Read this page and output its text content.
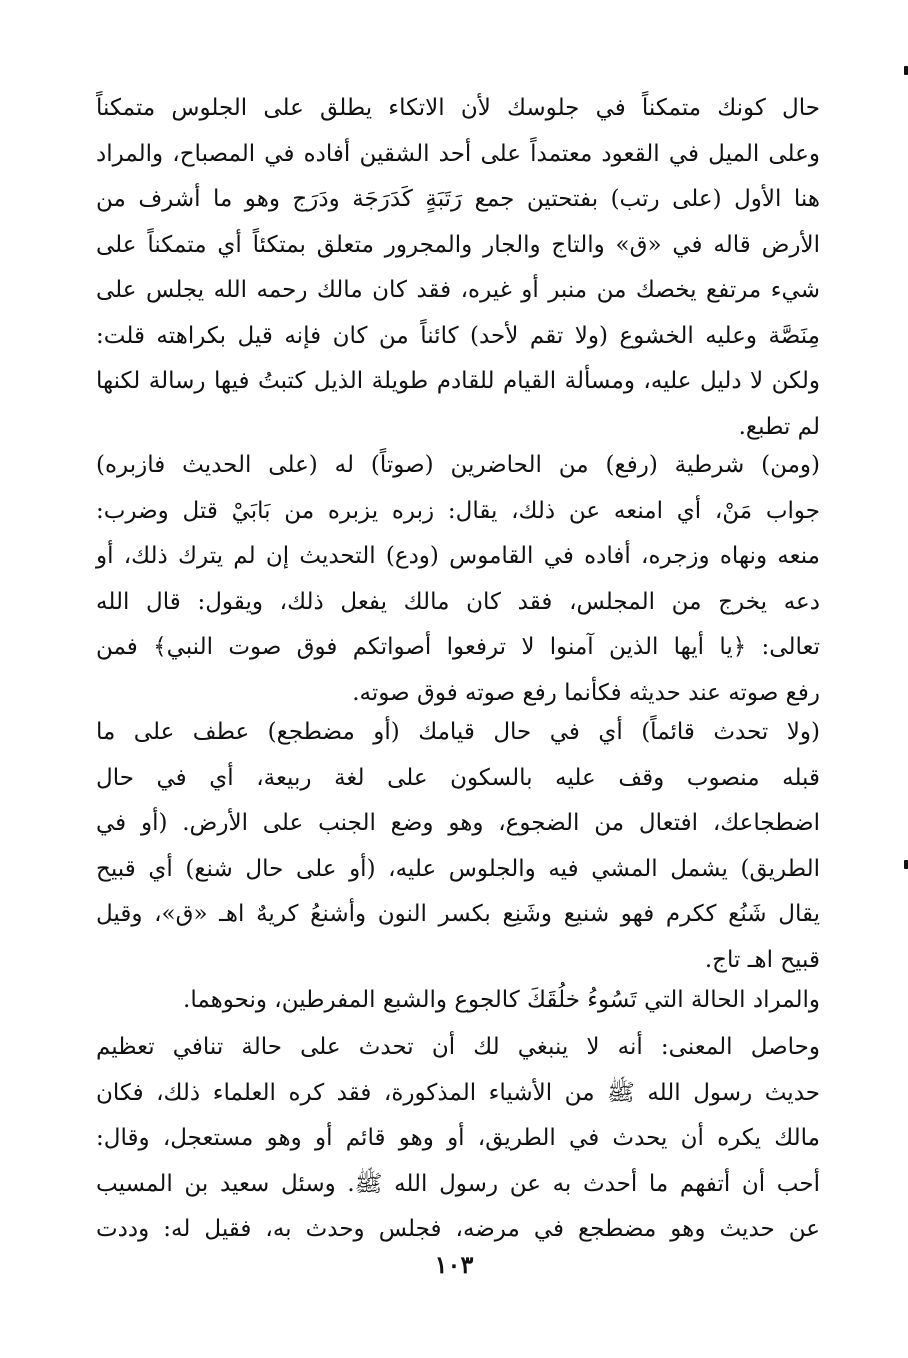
حال كونك متمكناً في جلوسك لأن الاتكاء يطلق على الجلوس متمكناً
وعلى الميل في القعود معتمداً على أحد الشقين أفاده في المصباح، والمراد
هنا الأول (على رتب) بفتحتين جمع رَتَبَةٍ كَدَرَجَة ودَرَج وهو ما أشرف من
الأرض قاله في «ق» والتاج والجار والمجرور متعلق بمتكئاً أي متمكناً على
شيء مرتفع يخصك من منبر أو غيره، فقد كان مالك رحمه الله يجلس على
مِنَصَّة وعليه الخشوع (ولا تقم لأحد) كائناً من كان فإنه قيل بكراهته قلت:
ولكن لا دليل عليه، ومسألة القيام للقادم طويلة الذيل كتبتُ فيها رسالة لكنها
لم تطبع.
(ومن) شرطية (رفع) من الحاضرين (صوتاً) له (على الحديث فازبره)
جواب مَنْ، أي امنعه عن ذلك، يقال: زبره يزبره من بَابَيْ قتل وضرب:
منعه ونهاه وزجره، أفاده في القاموس (ودع) التحديث إن لم يترك ذلك، أو
دعه يخرج من المجلس، فقد كان مالك يفعل ذلك، ويقول: قال الله
تعالى: ﴿يا أيها الذين آمنوا لا ترفعوا أصواتكم فوق صوت النبي﴾ فمن
رفع صوته عند حديثه فكأنما رفع صوته فوق صوته.
(ولا تحدث قائماً) أي في حال قيامك (أو مضطجع) عطف على ما
قبله منصوب وقف عليه بالسكون على لغة ربيعة، أي في حال
اضطجاعك، افتعال من الضجوع، وهو وضع الجنب على الأرض. (أو في
الطريق) يشمل المشي فيه والجلوس عليه، (أو على حال شنع) أي قبيح
يقال شَنُع ككرم فهو شنيع وشَنِع بكسر النون وأشنعُ كريهٌ اهـ «ق»، وقيل
قبيح اهـ تاج.
والمراد الحالة التي تَسُوءُ خلُقَكَ كالجوع والشبع المفرطين، ونحوهما.
وحاصل المعنى: أنه لا ينبغي لك أن تحدث على حالة تنافي تعظيم
حديث رسول الله ﷺ من الأشياء المذكورة، فقد كره العلماء ذلك، فكان
مالك يكره أن يحدث في الطريق، أو وهو قائم أو وهو مستعجل، وقال:
أحب أن أتفهم ما أحدث به عن رسول الله ﷺ. وسئل سعيد بن المسيب
عن حديث وهو مضطجع في مرضه، فجلس وحدث به، فقيل له: وددت
١٠٣
